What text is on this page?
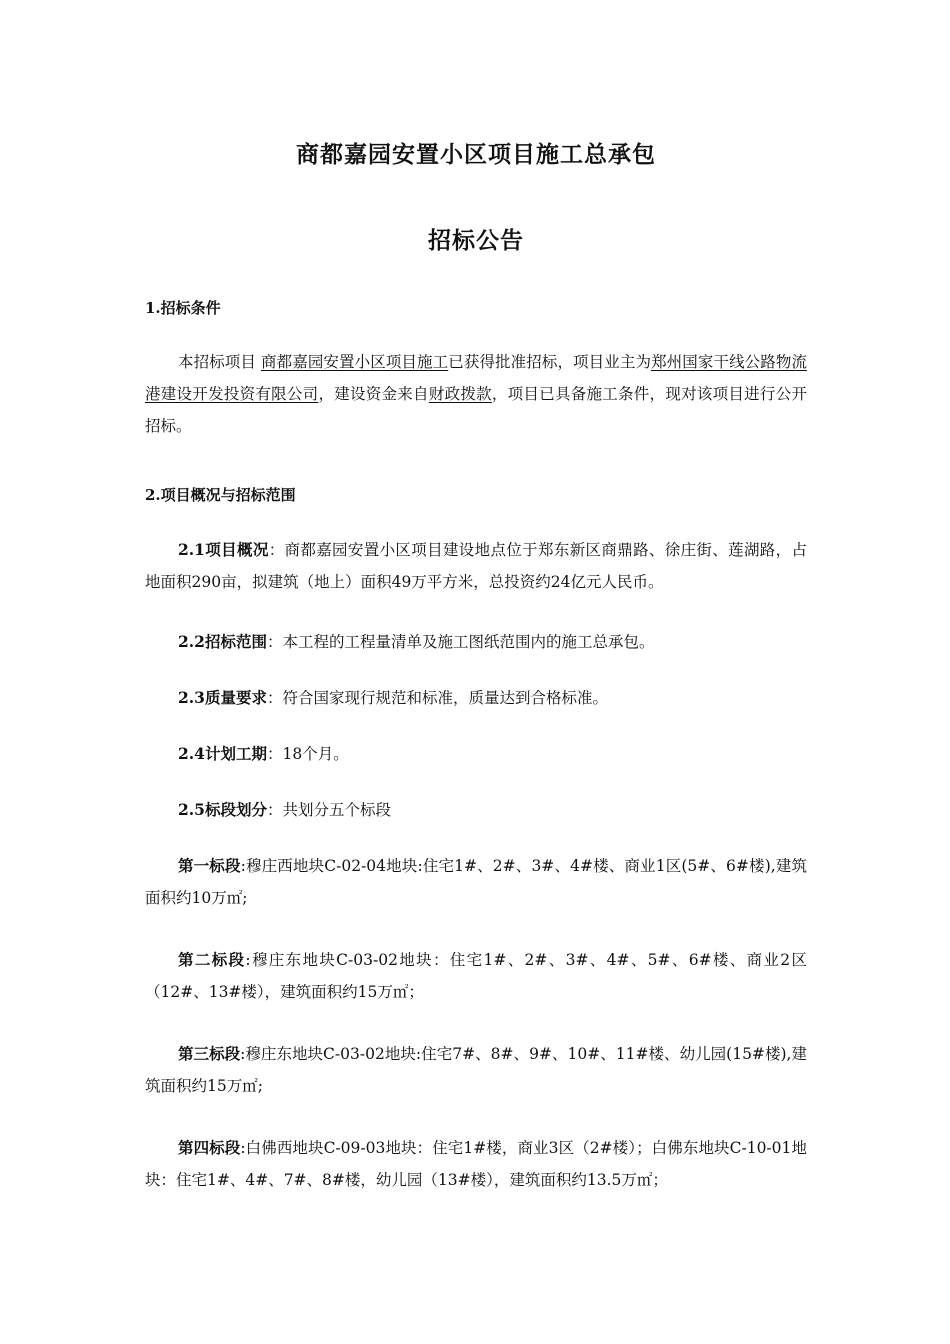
商都嘉园安置小区项目施工总承包
招标公告
1.招标条件
本招标项目 商都嘉园安置小区项目施工已获得批准招标，项目业主为郑州国家干线公路物流港建设开发投资有限公司，建设资金来自财政拨款，项目已具备施工条件，现对该项目进行公开招标。
2.项目概况与招标范围
2.1项目概况：商都嘉园安置小区项目建设地点位于郑东新区商鼎路、徐庄街、莲湖路，占地面积290亩，拟建筑（地上）面积49万平方米，总投资约24亿元人民币。
2.2招标范围：本工程的工程量清单及施工图纸范围内的施工总承包。
2.3质量要求：符合国家现行规范和标准，质量达到合格标准。
2.4计划工期：18个月。
2.5标段划分：共划分五个标段
第一标段:穆庄西地块C-02-04地块:住宅1#、2#、3#、4#楼、商业1区(5#、6#楼),建筑面积约10万㎡;
第二标段:穆庄东地块C-03-02地块：住宅1#、2#、3#、4#、5#、6#楼、商业2区（12#、13#楼），建筑面积约15万㎡；
第三标段:穆庄东地块C-03-02地块:住宅7#、8#、9#、10#、11#楼、幼儿园(15#楼),建筑面积约15万㎡;
第四标段:白佛西地块C-09-03地块：住宅1#楼，商业3区（2#楼）；白佛东地块C-10-01地块：住宅1#、4#、7#、8#楼，幼儿园（13#楼），建筑面积约13.5万㎡；
